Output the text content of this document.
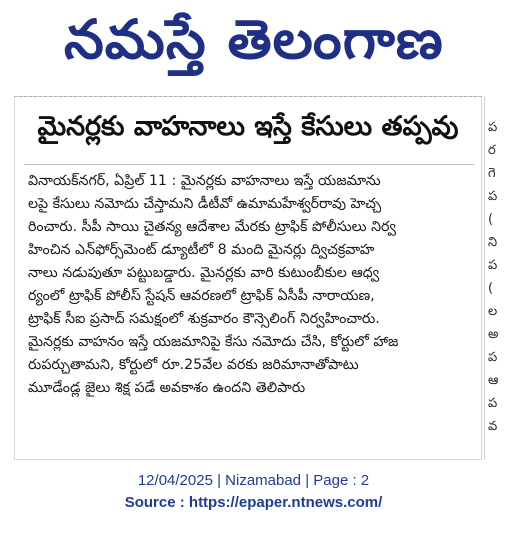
నమస్తే తెలంగాణ
మైనర్లకు వాహనాలు ఇస్తే కేసులు తప్పవు
వినాయక్‌నగర్, ఏప్రిల్ 11 : మైనర్లకు వాహనాలు ఇస్తే యజమాను
లపై కేసులు నమోదు చేస్తామని డీటీవో ఉమామహేశ్వర్‌రావు హెచ్చ
రించారు. సీపీ సాయి చైతన్య ఆదేశాల మేరకు ట్రాఫిక్ పోలీసులు నిర్వ
హించిన ఎన్‌ఫోర్స్‌మెంట్ డ్యూటీలో 8 మంది మైనర్లు ద్విచక్రవాహ
నాలు నడుపుతూ పట్టుబడ్డారు. మైనర్లకు వారి కుటుంబీకుల ఆధ్వ
ర్యంలో ట్రాఫిక్ పోలీస్ స్టేషన్ ఆవరణలో ట్రాఫిక్ ఏసీపీ నారాయణ,
ట్రాఫిక్ సీఐ ప్రసాద్ సమక్షంలో శుక్రవారం కౌన్సెలింగ్ నిర్వహించారు.
మైనర్లకు వాహనం ఇస్తే యజమానిపై కేసు నమోదు చేసి, కోర్టులో హాజ
రుపర్చుతామని, కోర్టులో రూ.25వేల వరకు జరిమానాతోపాటు
మూడేండ్ల జైలు శిక్ష పడే అవకాశం ఉందని తెలిపారు
ప
ర
గె
ప
(
ని
ప
(
ల
అ
ప
ఆ
ప
వ
12/04/2025 | Nizamabad | Page : 2
Source : https://epaper.ntnews.com/
